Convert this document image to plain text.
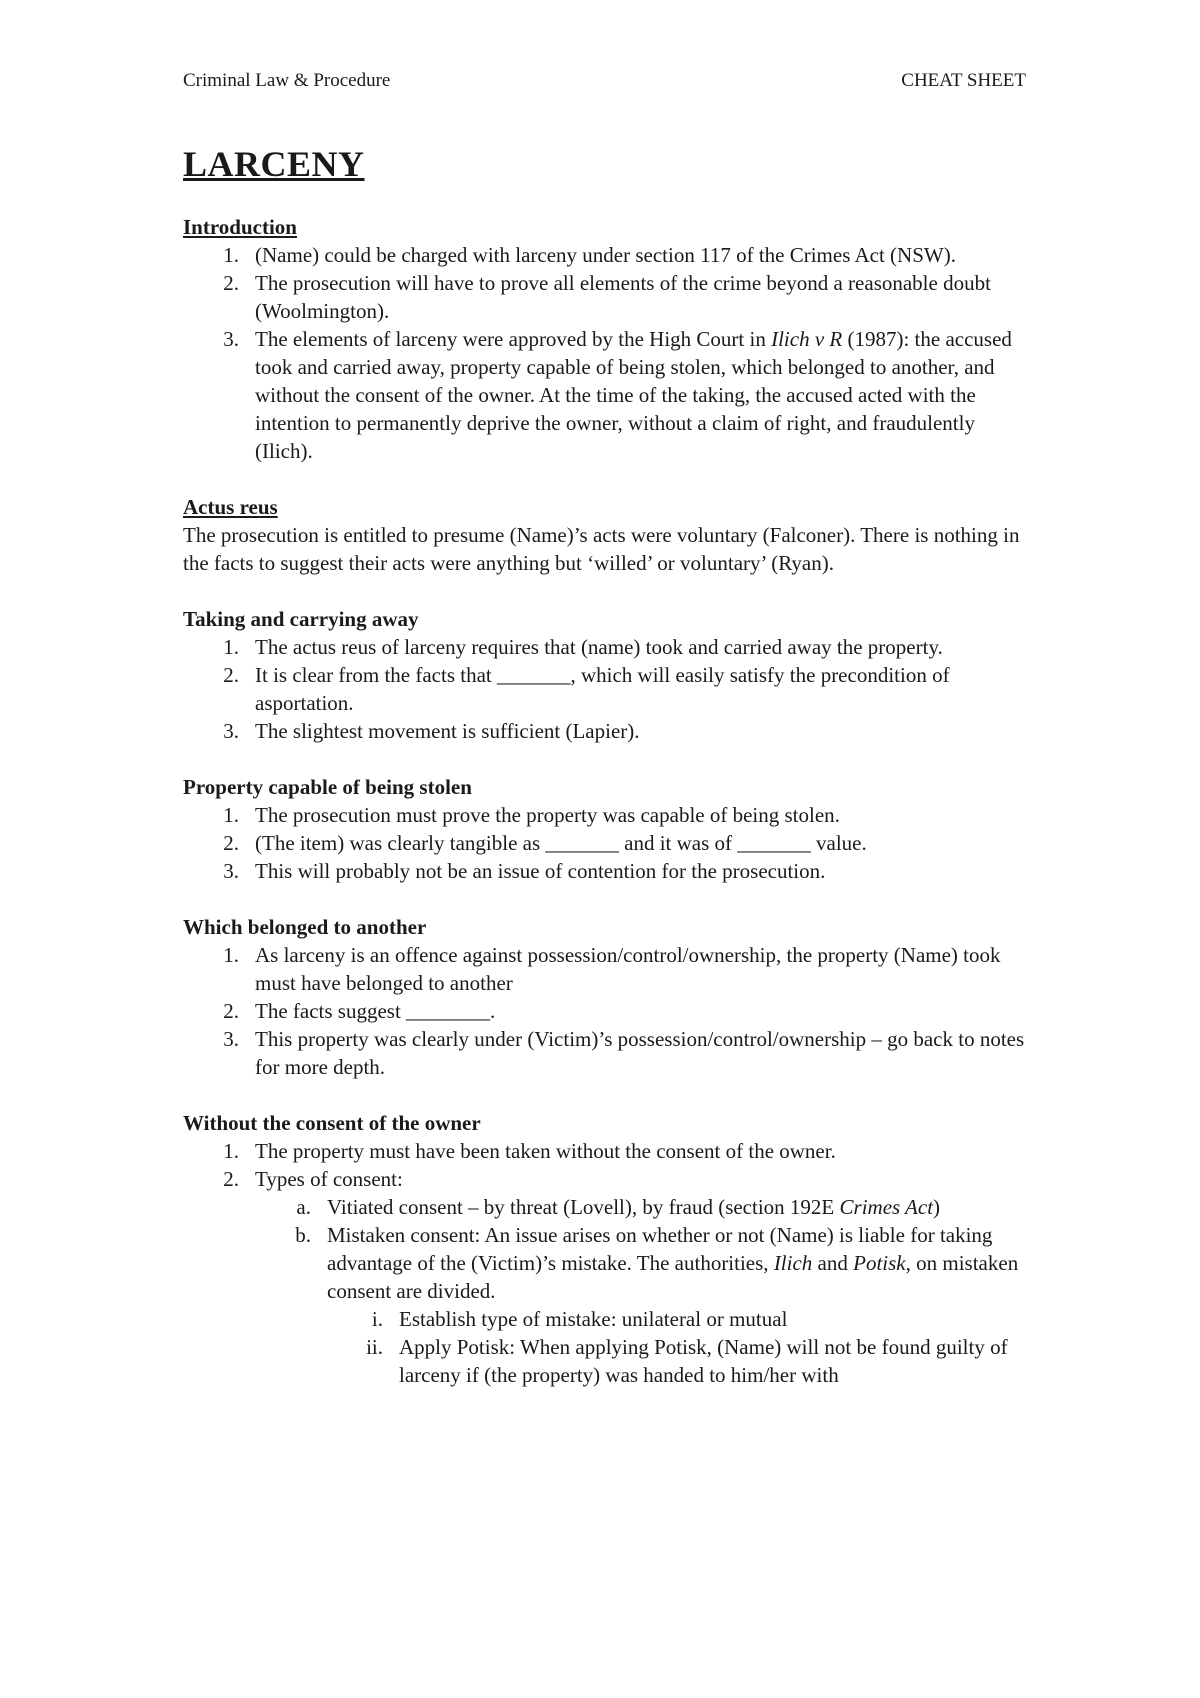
Criminal Law & Procedure	CHEAT SHEET
LARCENY
Introduction
1. (Name) could be charged with larceny under section 117 of the Crimes Act (NSW).
2. The prosecution will have to prove all elements of the crime beyond a reasonable doubt (Woolmington).
3. The elements of larceny were approved by the High Court in Ilich v R (1987): the accused took and carried away, property capable of being stolen, which belonged to another, and without the consent of the owner. At the time of the taking, the accused acted with the intention to permanently deprive the owner, without a claim of right, and fraudulently (Ilich).
Actus reus
The prosecution is entitled to presume (Name)’s acts were voluntary (Falconer). There is nothing in the facts to suggest their acts were anything but ‘willed’ or voluntary’ (Ryan).
Taking and carrying away
1. The actus reus of larceny requires that (name) took and carried away the property.
2. It is clear from the facts that _______, which will easily satisfy the precondition of asportation.
3. The slightest movement is sufficient (Lapier).
Property capable of being stolen
1. The prosecution must prove the property was capable of being stolen.
2. (The item) was clearly tangible as _______ and it was of _______ value.
3. This will probably not be an issue of contention for the prosecution.
Which belonged to another
1. As larceny is an offence against possession/control/ownership, the property (Name) took must have belonged to another
2. The facts suggest ________.
3. This property was clearly under (Victim)’s possession/control/ownership – go back to notes for more depth.
Without the consent of the owner
1. The property must have been taken without the consent of the owner.
2. Types of consent:
a. Vitiated consent – by threat (Lovell), by fraud (section 192E Crimes Act)
b. Mistaken consent: An issue arises on whether or not (Name) is liable for taking advantage of the (Victim)’s mistake. The authorities, Ilich and Potisk, on mistaken consent are divided.
i. Establish type of mistake: unilateral or mutual
ii. Apply Potisk: When applying Potisk, (Name) will not be found guilty of larceny if (the property) was handed to him/her with
